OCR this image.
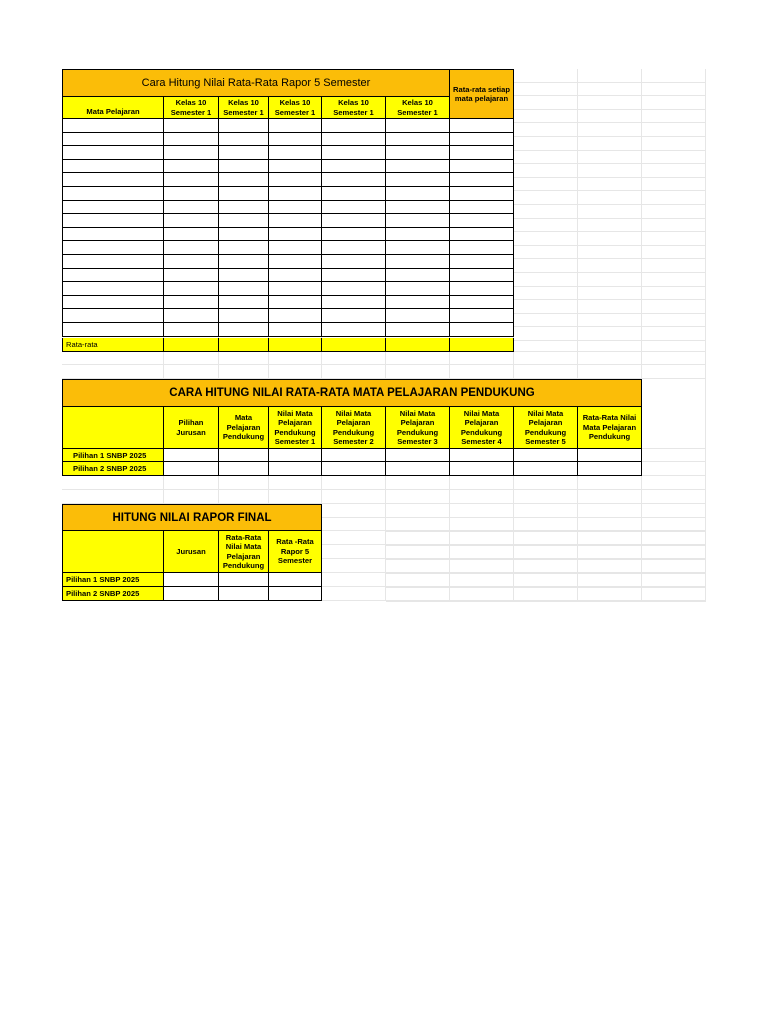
Cara Hitung Nilai Rata-Rata Rapor 5 Semester	Rata-rata setiap mata pelajaran
Mata Pelajaran
Kelas 10 Semester 1
Kelas 10 Semester 1
Kelas 10 Semester 1
Kelas 10 Semester 1
Kelas 10 Semester 1
Rata-rata
CARA HITUNG NILAI RATA-RATA MATA PELAJARAN PENDUKUNG
Pilihan Jurusan
Mata Pelajaran Pendukung
Nilai Mata Pelajaran Pendukung Semester 1
Nilai Mata Pelajaran Pendukung Semester 2
Nilai Mata Pelajaran Pendukung Semester 3
Nilai Mata Pelajaran Pendukung Semester 4
Nilai Mata Pelajaran Pendukung Semester 5
Rata-Rata Nilai Mata Pelajaran Pendukung
Pilihan 1 SNBP 2025
Pilihan 2 SNBP 2025
HITUNG NILAI RAPOR FINAL
Jurusan
Rata-Rata Nilai Mata Pelajaran Pendukung
Rata -Rata Rapor 5 Semester
Pilihan 1 SNBP 2025
Pilihan 2 SNBP 2025
